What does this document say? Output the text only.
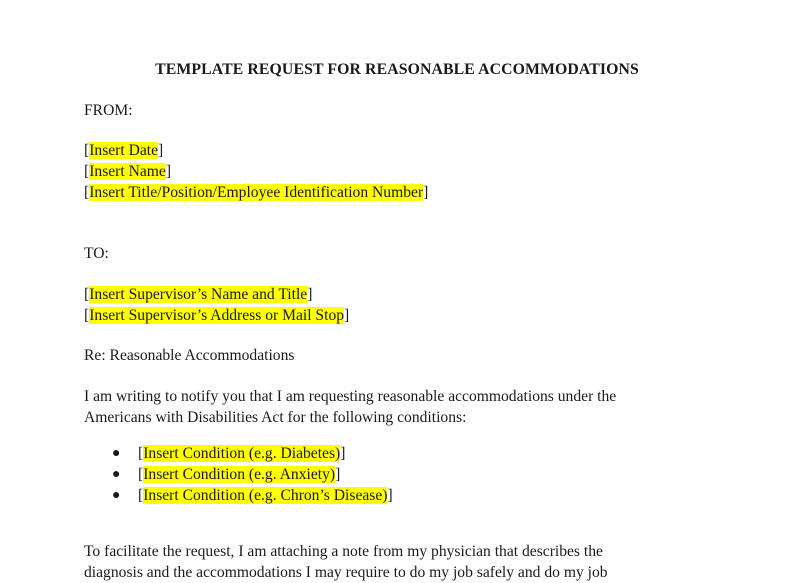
TEMPLATE REQUEST FOR REASONABLE ACCOMMODATIONS
FROM:
[Insert Date]
[Insert Name]
[Insert Title/Position/Employee Identification Number]
TO:
[Insert Supervisor’s Name and Title]
[Insert Supervisor’s Address or Mail Stop]
Re: Reasonable Accommodations
I am writing to notify you that I am requesting reasonable accommodations under the
Americans with Disabilities Act for the following conditions:
●	[Insert Condition (e.g. Diabetes)]
●	[Insert Condition (e.g. Anxiety)]
●	[Insert Condition (e.g. Chron’s Disease)]
To facilitate the request, I am attaching a note from my physician that describes the
diagnosis and the accommodations I may require to do my job safely and do my job
